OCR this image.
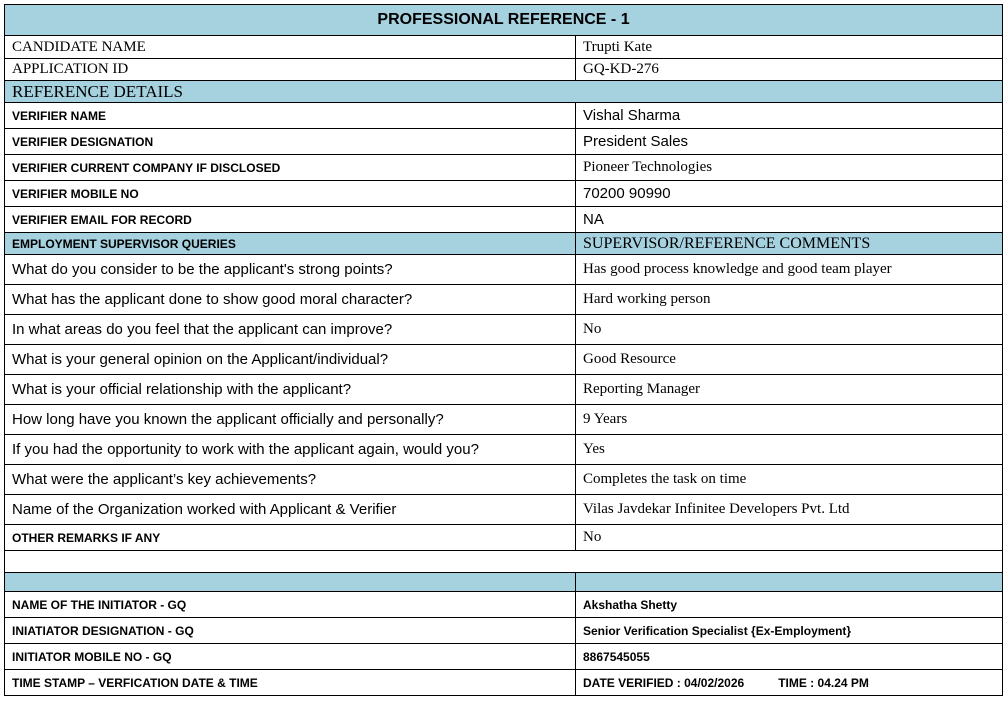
PROFESSIONAL REFERENCE - 1	
CANDIDATE NAME	Trupti Kate
APPLICATION ID	GQ-KD-276
REFERENCE DETAILS	
VERIFIER NAME	Vishal Sharma
VERIFIER DESIGNATION	President Sales
VERIFIER CURRENT COMPANY IF DISCLOSED	Pioneer Technologies
VERIFIER MOBILE NO	70200 90990
VERIFIER EMAIL FOR RECORD	NA
EMPLOYMENT SUPERVISOR QUERIES	SUPERVISOR/REFERENCE COMMENTS
What do you consider to be the applicant's strong points?	Has good process knowledge and good team player
What has the applicant done to show good moral character?	Hard working person
In what areas do you feel that the applicant can improve?	No
What is your general opinion on the Applicant/individual?	Good Resource
What is your official relationship with the applicant?	Reporting Manager
How long have you known the applicant officially and personally?	9 Years
If you had the opportunity to work with the applicant again, would you?	Yes
What were the applicant’s key achievements?	Completes the task on time
Name of the Organization worked with Applicant & Verifier	Vilas Javdekar Infinitee Developers Pvt. Ltd
OTHER REMARKS IF ANY	No

NAME OF THE INITIATOR - GQ	Akshatha Shetty
INIATIATOR DESIGNATION - GQ	Senior Verification Specialist {Ex-Employment}
INITIATOR MOBILE NO - GQ	8867545055
TIME STAMP – VERFICATION DATE & TIME	DATE VERIFIED : 04/02/2026 TIME : 04.24 PM
